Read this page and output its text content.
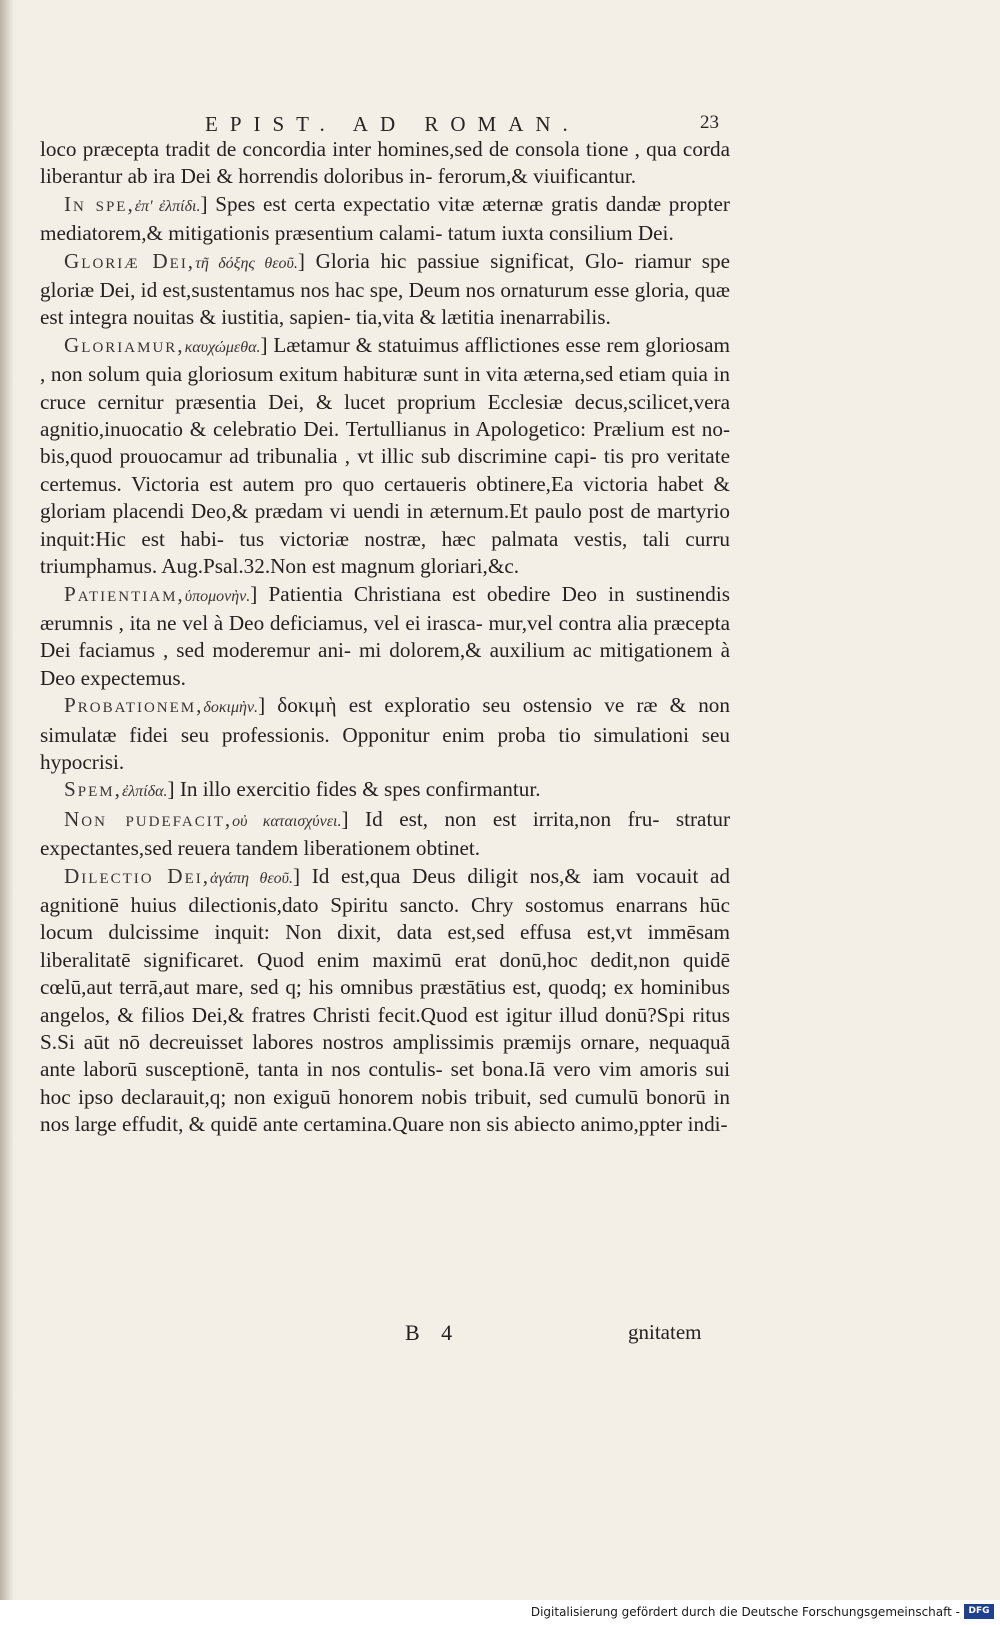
EPIST. AD ROMAN.	23

loco præcepta tradit de concordia inter homines,sed de consola tione , qua corda liberantur ab ira Dei & horrendis doloribus in- ferorum,& viuificantur.

In spe,ἐπ' ἐλπίδι.] Spes est certa expectatio vitæ æternæ gratis dandæ propter mediatorem,& mitigationis præsentium calami- tatum iuxta consilium Dei.

Gloriæ Dei,τῆ δόξης θεοῦ.] Gloria hic passiue significat, Glo- riamur spe gloriæ Dei, id est,sustentamus nos hac spe, Deum nos ornaturum esse gloria, quæ est integra nouitas & iustitia, sapien- tia,vita & lætitia inenarrabilis.

Gloriamur,καυχώμεθα.] Lætamur & statuimus afflictiones esse rem gloriosam , non solum quia gloriosum exitum habituræ sunt in vita æterna,sed etiam quia in cruce cernitur præsentia Dei, & lucet proprium Ecclesiæ decus,scilicet,vera agnitio,inuocatio & celebratio Dei. Tertullianus in Apologetico: Prælium est no- bis,quod prouocamur ad tribunalia , vt illic sub discrimine capi- tis pro veritate certemus. Victoria est autem pro quo certaueris obtinere,Ea victoria habet & gloriam placendi Deo,& prædam vi uendi in æternum.Et paulo post de martyrio inquit:Hic est habi- tus victoriæ nostræ, hæc palmata vestis, tali curru triumphamus. Aug.Psal.32.Non est magnum gloriari,&c.

Patientiam,ὑπομονὴν.] Patientia Christiana est obedire Deo in sustinendis ærumnis , ita ne vel à Deo deficiamus, vel ei irasca- mur,vel contra alia præcepta Dei faciamus , sed moderemur ani- mi dolorem,& auxilium ac mitigationem à Deo expectemus.

Probationem,δοκιμὴν.] δοκιμὴ est exploratio seu ostensio ve ræ & non simulatæ fidei seu professionis. Opponitur enim proba tio simulationi seu hypocrisi.

Spem,ἐλπίδα.] In illo exercitio fides & spes confirmantur.

Non pudefacit,οὐ καταισχύνει.] Id est, non est irrita,non fru- stratur expectantes,sed reuera tandem liberationem obtinet.

Dilectio Dei,ἀγάπη θεοῦ.] Id est,qua Deus diligit nos,& iam vocauit ad agnitionē huius dilectionis,dato Spiritu sancto. Chry sostomus enarrans hūc locum dulcissime inquit: Non dixit, data est,sed effusa est,vt immēsam liberalitatē significaret. Quod enim maximū erat donū,hoc dedit,non quidē cœlū,aut terrā,aut mare, sed q; his omnibus præstātius est, quodq; ex hominibus angelos, & filios Dei,& fratres Christi fecit.Quod est igitur illud donū?Spi ritus S.Si aūt nō decreuisset labores nostros amplissimis præmijs ornare, nequaquā ante laborū susceptionē, tanta in nos contulis- set bona.Iā vero vim amoris sui hoc ipso declarauit,q; non exiguū honorem nobis tribuit, sed cumulū bonorū in nos large effudit, & quidē ante certamina.Quare non sis abiecto animo,ppter indi-

B 4	gnitatem
Digitalisierung gefördert durch die Deutsche Forschungsgemeinschaft - DFG
